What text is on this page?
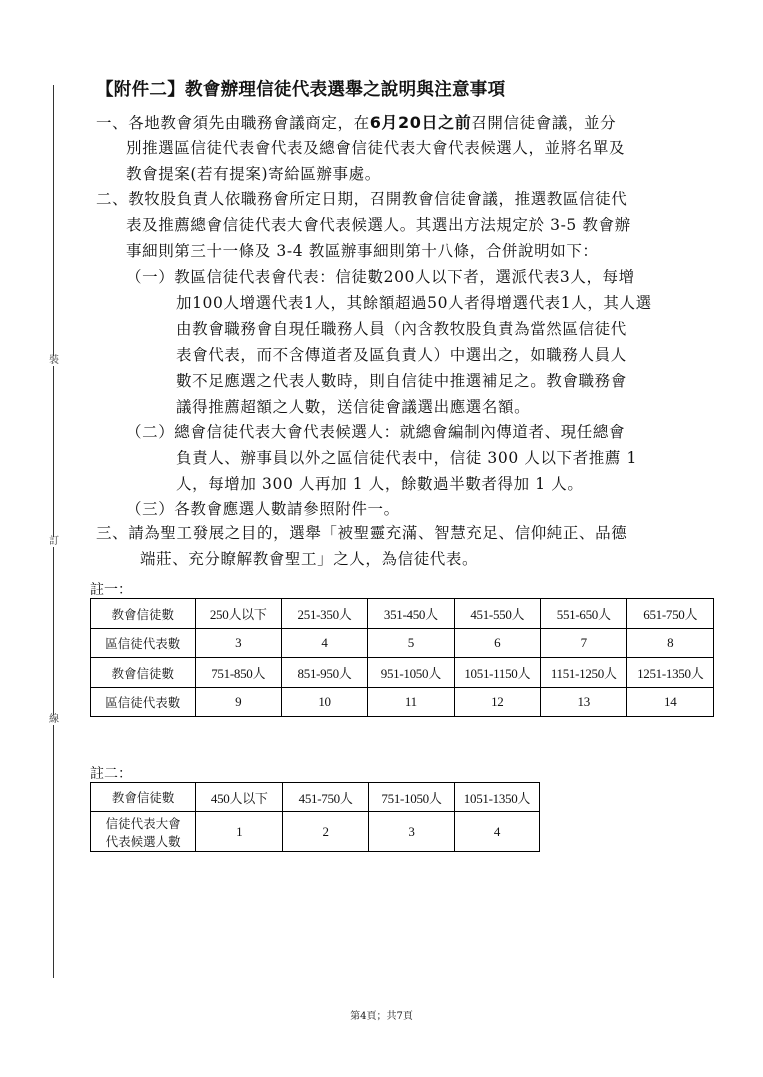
裝
訂
線
【附件二】教會辦理信徒代表選舉之說明與注意事項
一、各地教會須先由職務會議商定，在6月20日之前召開信徒會議，並分
別推選區信徒代表會代表及總會信徒代表大會代表候選人，並將名單及
教會提案(若有提案)寄給區辦事處。
二、教牧股負責人依職務會所定日期，召開教會信徒會議，推選教區信徒代
表及推薦總會信徒代表大會代表候選人。其選出方法規定於 3-5 教會辦
事細則第三十一條及 3-4 教區辦事細則第十八條，合併說明如下：
（一）教區信徒代表會代表：信徒數200人以下者，選派代表3人，每增
加100人增選代表1人，其餘額超過50人者得增選代表1人，其人選
由教會職務會自現任職務人員（內含教牧股負責為當然區信徒代
表會代表，而不含傳道者及區負責人）中選出之，如職務人員人
數不足應選之代表人數時，則自信徒中推選補足之。教會職務會
議得推薦超額之人數，送信徒會議選出應選名額。
（二）總會信徒代表大會代表候選人：就總會編制內傳道者、現任總會
負責人、辦事員以外之區信徒代表中，信徒 300 人以下者推薦 1
人，每增加 300 人再加 1 人，餘數過半數者得加 1 人。
（三）各教會應選人數請參照附件一。
三、請為聖工發展之目的，選舉「被聖靈充滿、智慧充足、信仰純正、品德
端莊、充分瞭解教會聖工」之人，為信徒代表。
註一：
教會信徒數	250人以下	251-350人	351-450人	451-550人	551-650人	651-750人
區信徒代表數	3	4	5	6	7	8
教會信徒數	751-850人	851-950人	951-1050人	1051-1150人	1151-1250人	1251-1350人
區信徒代表數	9	10	11	12	13	14
註二：
教會信徒數	450人以下	451-750人	751-1050人	1051-1350人
信徒代表大會
代表候選人數	1	2	3	4
第4頁；共7頁
